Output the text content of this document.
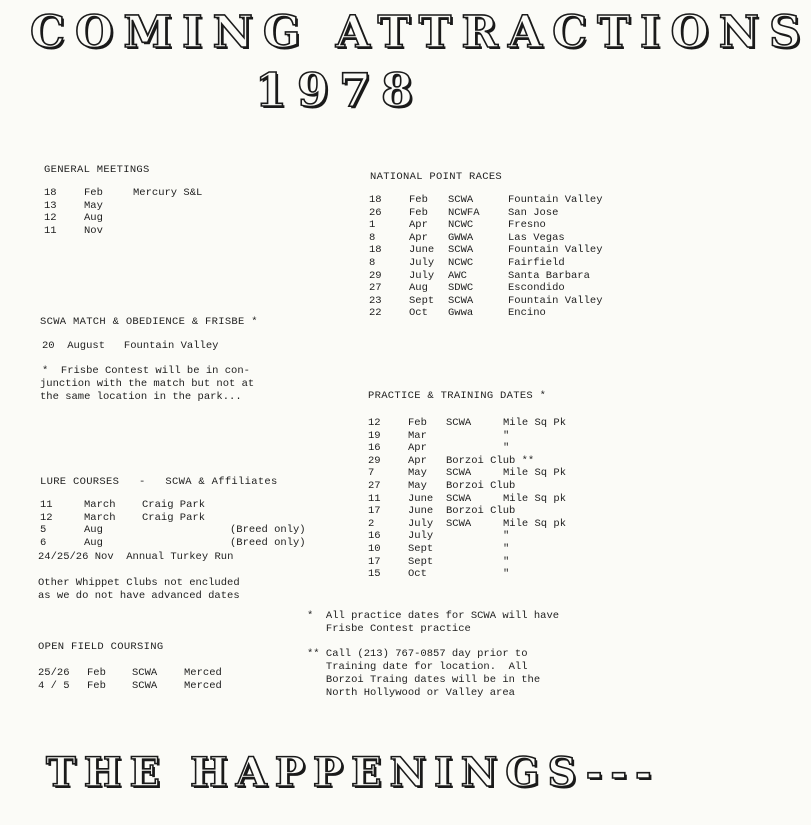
COMING ATTRACTIONS
1978
GENERAL MEETINGS
18	Feb	Mercury S&L
13	May	
12	Aug	
11	Nov	
SCWA MATCH & OBEDIENCE & FRISBE *
20  August   Fountain Valley
*  Frisbe Contest will be in con-
junction with the match but not at
the same location in the park...
LURE COURSES   -   SCWA & Affiliates
11	March	Craig Park	
12	March	Craig Park	
5	Aug		(Breed only)
6	Aug		(Breed only)
24/25/26 Nov Annual Turkey Run
Other Whippet Clubs not encluded
as we do not have advanced dates
OPEN FIELD COURSING
25/26	Feb	SCWA	Merced
4 / 5	Feb	SCWA	Merced
NATIONAL POINT RACES
18	Feb	SCWA	Fountain Valley
26	Feb	NCWFA	San Jose
1	Apr	NCWC	Fresno
8	Apr	GWWA	Las Vegas
18	June	SCWA	Fountain Valley
8	July	NCWC	Fairfield
29	July	AWC	Santa Barbara
27	Aug	SDWC	Escondido
23	Sept	SCWA	Fountain Valley
22	Oct	Gwwa	Encino
PRACTICE & TRAINING DATES *
12	Feb	SCWA	Mile Sq Pk
19	Mar		"
16	Apr		"
29	Apr	Borzoi Club **	
7	May	SCWA	Mile Sq Pk
27	May	Borzoi Club	
11	June	SCWA	Mile Sq pk
17	June	Borzoi Club	
2	July	SCWA	Mile Sq pk
16	July		"
10	Sept		"
17	Sept		"
15	Oct		"
*  All practice dates for SCWA will have
Frisbe Contest practice
** Call (213) 767-0857 day prior to
Training date for location.  All
Borzoi Traing dates will be in the
North Hollywood or Valley area
THE HAPPENINGS---
